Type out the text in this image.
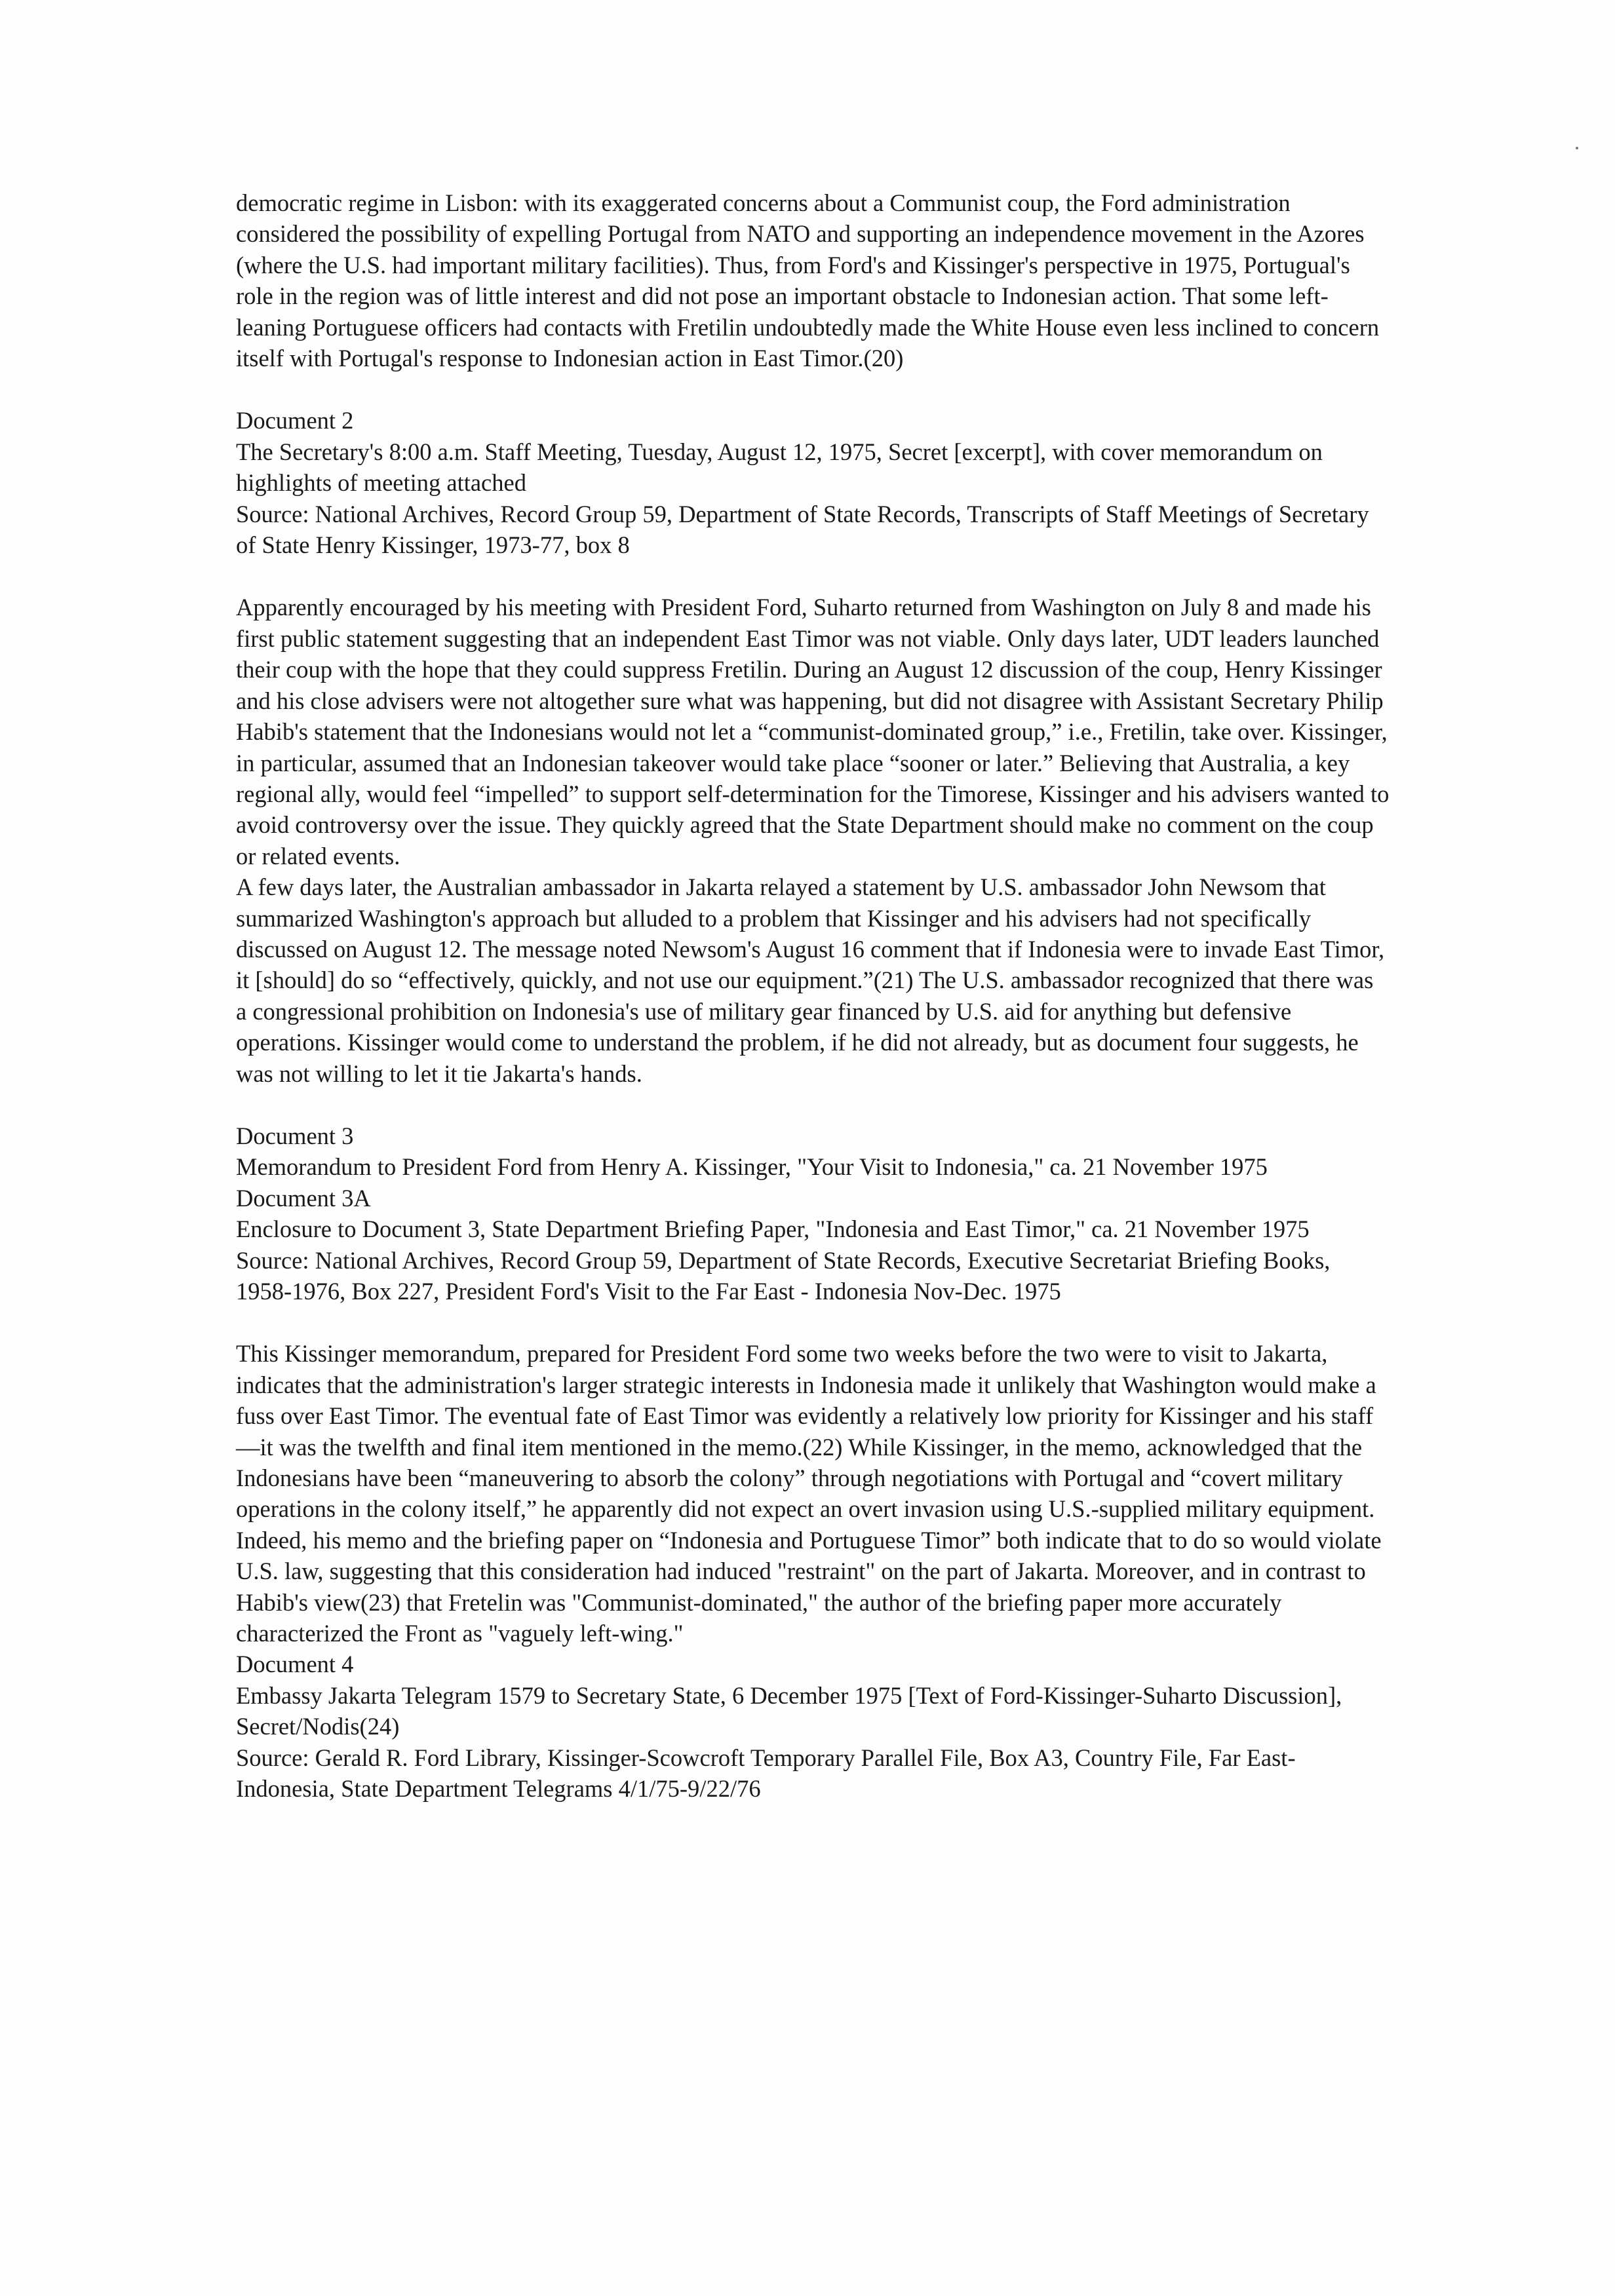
democratic regime in Lisbon: with its exaggerated concerns about a Communist coup, the Ford administration considered the possibility of expelling Portugal from NATO and supporting an independence movement in the Azores (where the U.S. had important military facilities). Thus, from Ford's and Kissinger's perspective in 1975, Portugual's role in the region was of little interest and did not pose an important obstacle to Indonesian action. That some left-leaning Portuguese officers had contacts with Fretilin undoubtedly made the White House even less inclined to concern itself with Portugal's response to Indonesian action in East Timor.(20)

Document 2

The Secretary's 8:00 a.m. Staff Meeting, Tuesday, August 12, 1975, Secret [excerpt], with cover memorandum on highlights of meeting attached

Source: National Archives, Record Group 59, Department of State Records, Transcripts of Staff Meetings of Secretary of State Henry Kissinger, 1973-77, box 8

Apparently encouraged by his meeting with President Ford, Suharto returned from Washington on July 8 and made his first public statement suggesting that an independent East Timor was not viable. Only days later, UDT leaders launched their coup with the hope that they could suppress Fretilin. During an August 12 discussion of the coup, Henry Kissinger and his close advisers were not altogether sure what was happening, but did not disagree with Assistant Secretary Philip Habib's statement that the Indonesians would not let a “communist-dominated group,” i.e., Fretilin, take over. Kissinger, in particular, assumed that an Indonesian takeover would take place “sooner or later.” Believing that Australia, a key regional ally, would feel “impelled” to support self-determination for the Timorese, Kissinger and his advisers wanted to avoid controversy over the issue. They quickly agreed that the State Department should make no comment on the coup or related events.

A few days later, the Australian ambassador in Jakarta relayed a statement by U.S. ambassador John Newsom that summarized Washington's approach but alluded to a problem that Kissinger and his advisers had not specifically discussed on August 12. The message noted Newsom's August 16 comment that if Indonesia were to invade East Timor, it [should] do so “effectively, quickly, and not use our equipment.”(21) The U.S. ambassador recognized that there was a congressional prohibition on Indonesia's use of military gear financed by U.S. aid for anything but defensive operations. Kissinger would come to understand the problem, if he did not already, but as document four suggests, he was not willing to let it tie Jakarta's hands.

Document 3

Memorandum to President Ford from Henry A. Kissinger, "Your Visit to Indonesia," ca. 21 November 1975

Document 3A

Enclosure to Document 3, State Department Briefing Paper, "Indonesia and East Timor," ca. 21 November 1975

Source: National Archives, Record Group 59, Department of State Records, Executive Secretariat Briefing Books, 1958-1976, Box 227, President Ford's Visit to the Far East - Indonesia Nov-Dec. 1975

This Kissinger memorandum, prepared for President Ford some two weeks before the two were to visit to Jakarta, indicates that the administration's larger strategic interests in Indonesia made it unlikely that Washington would make a fuss over East Timor. The eventual fate of East Timor was evidently a relatively low priority for Kissinger and his staff—it was the twelfth and final item mentioned in the memo.(22) While Kissinger, in the memo, acknowledged that the Indonesians have been “maneuvering to absorb the colony” through negotiations with Portugal and “covert military operations in the colony itself,” he apparently did not expect an overt invasion using U.S.-supplied military equipment. Indeed, his memo and the briefing paper on “Indonesia and Portuguese Timor” both indicate that to do so would violate U.S. law, suggesting that this consideration had induced "restraint" on the part of Jakarta. Moreover, and in contrast to Habib's view(23) that Fretelin was "Communist-dominated," the author of the briefing paper more accurately characterized the Front as "vaguely left-wing."

Document 4

Embassy Jakarta Telegram 1579 to Secretary State, 6 December 1975 [Text of Ford-Kissinger-Suharto Discussion], Secret/Nodis(24)

Source: Gerald R. Ford Library, Kissinger-Scowcroft Temporary Parallel File, Box A3, Country File, Far East-Indonesia, State Department Telegrams 4/1/75-9/22/76
